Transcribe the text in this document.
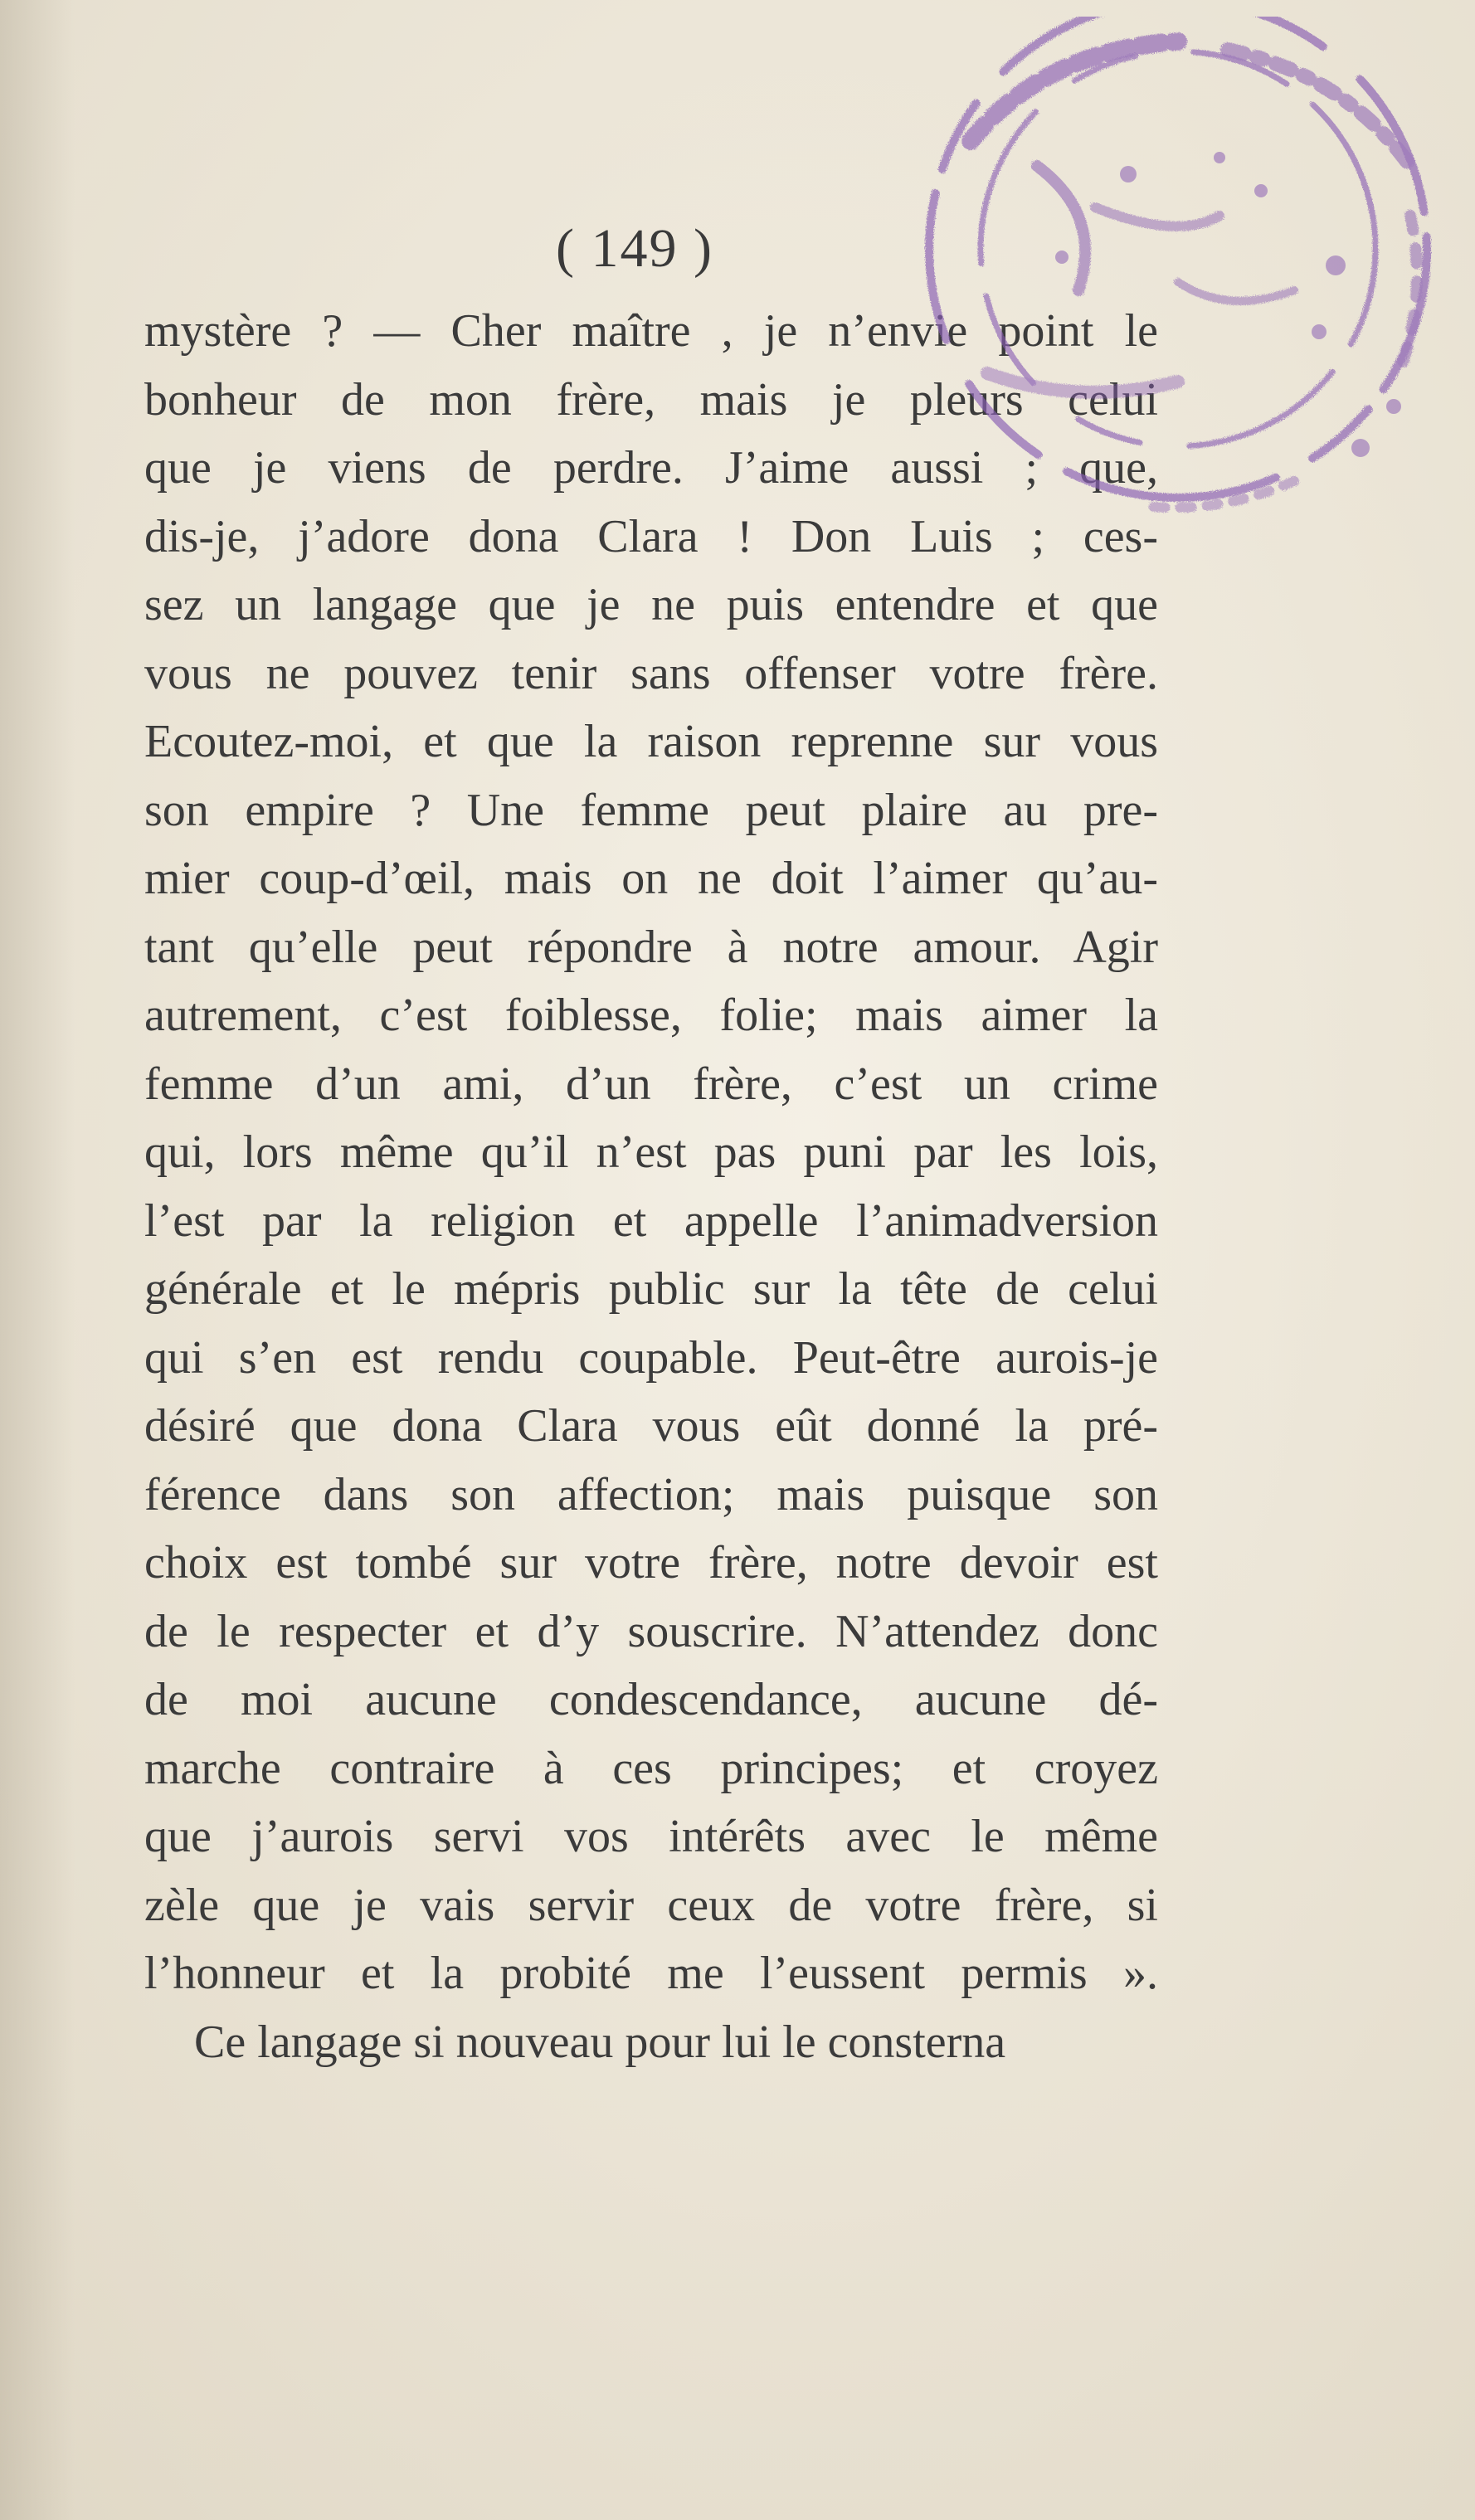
( 149 )
mystère ? — Cher maître , je n’envie point le
bonheur de mon frère, mais je pleurs celui
que je viens de perdre. J’aime aussi ; que,
dis-je, j’adore dona Clara ! Don Luis ; ces-
sez un langage que je ne puis entendre et que
vous ne pouvez tenir sans offenser votre frère.
Ecoutez-moi, et que la raison reprenne sur vous
son empire ? Une femme peut plaire au pre-
mier coup-d’œil, mais on ne doit l’aimer qu’au-
tant qu’elle peut répondre à notre amour. Agir
autrement, c’est foiblesse, folie; mais aimer la
femme d’un ami, d’un frère, c’est un crime
qui, lors même qu’il n’est pas puni par les lois,
l’est par la religion et appelle l’animadversion
générale et le mépris public sur la tête de celui
qui s’en est rendu coupable. Peut-être aurois-je
désiré que dona Clara vous eût donné la pré-
férence dans son affection; mais puisque son
choix est tombé sur votre frère, notre devoir est
de le respecter et d’y souscrire. N’attendez donc
de moi aucune condescendance, aucune dé-
marche contraire à ces principes; et croyez
que j’aurois servi vos intérêts avec le même
zèle que je vais servir ceux de votre frère, si
l’honneur et la probité me l’eussent permis ».
Ce langage si nouveau pour lui le consterna
